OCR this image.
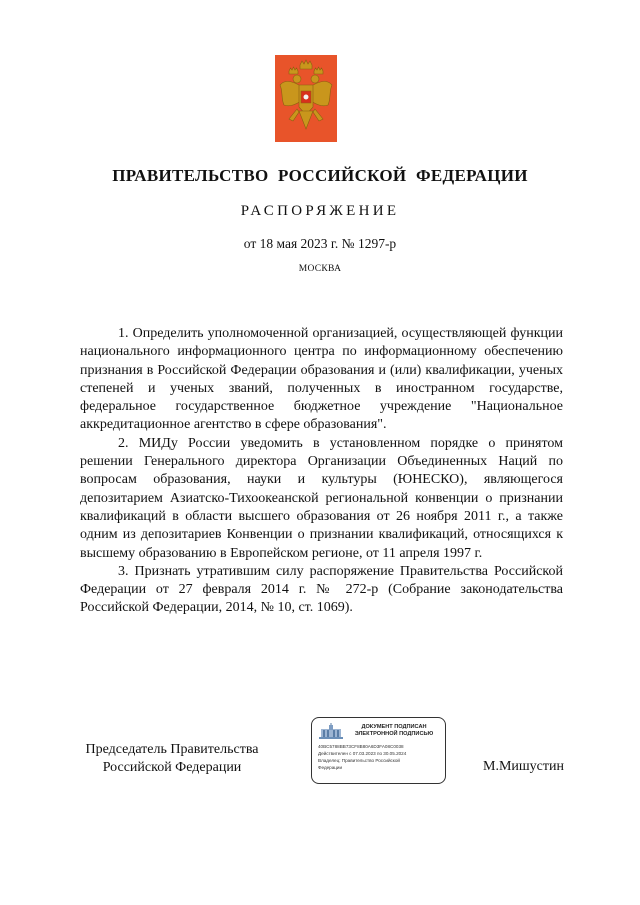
ПРАВИТЕЛЬСТВО РОССИЙСКОЙ ФЕДЕРАЦИИ
РАСПОРЯЖЕНИЕ
от 18 мая 2023 г. № 1297-р
МОСКВА

1. Определить уполномоченной организацией, осуществляющей функции национального информационного центра по информационному обеспечению признания в Российской Федерации образования и (или) квалификации, ученых степеней и ученых званий, полученных в иностранном государстве, федеральное государственное бюджетное учреждение "Национальное аккредитационное агентство в сфере образования".

2. МИДу России уведомить в установленном порядке о принятом решении Генерального директора Организации Объединенных Наций по вопросам образования, науки и культуры (ЮНЕСКО), являющегося депозитарием Азиатско-Тихоокеанской региональной конвенции о признании квалификаций в области высшего образования от 26 ноября 2011 г., а также одним из депозитариев Конвенции о признании квалификаций, относящихся к высшему образованию в Европейском регионе, от 11 апреля 1997 г.

3. Признать утратившим силу распоряжение Правительства Российской Федерации от 27 февраля 2014 г. № 272-р (Собрание законодательства Российской Федерации, 2014, № 10, ст. 1069).

Председатель Правительства
Российской Федерации
ДОКУМЕНТ ПОДПИСАН
ЭЛЕКТРОННОЙ ПОДПИСЬЮ
40BC5788BB73CF8B80A6D3FA08C0038
Действителен с 07.03.2023 по 30.05.2024
Владелец: Правительство Российской
Федерации	М.Мишустин
